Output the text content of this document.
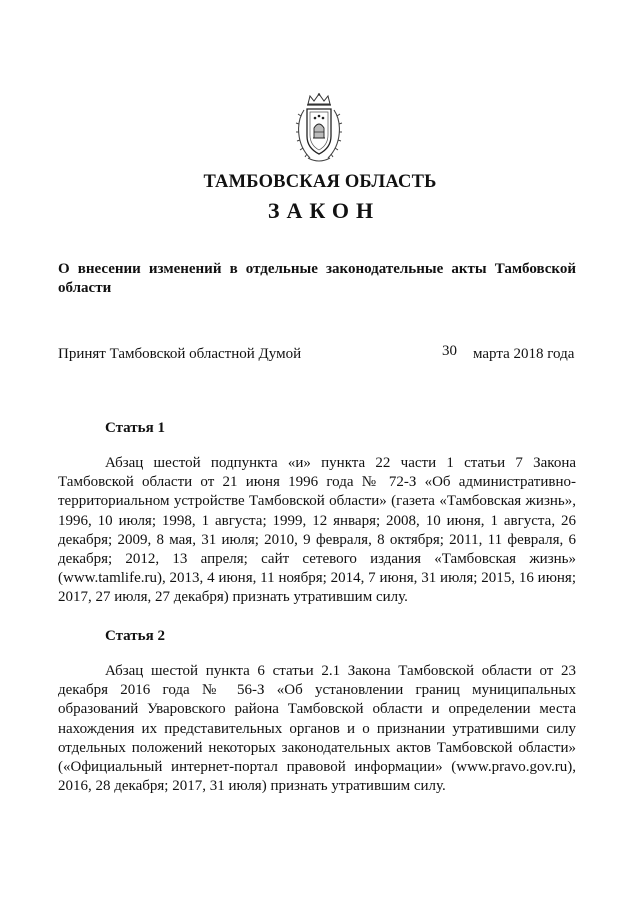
ТАМБОВСКАЯ ОБЛАСТЬ
ЗАКОН
О внесении изменений в отдельные законодательные акты Тамбовской области
Принят Тамбовской областной Думой	30 марта 2018 года
Статья 1

Абзац шестой подпункта «и» пункта 22 части 1 статьи 7 Закона Тамбовской области от 21 июня 1996 года № 72-З «Об административно-территориальном устройстве Тамбовской области» (газета «Тамбовская жизнь», 1996, 10 июля; 1998, 1 августа; 1999, 12 января; 2008, 10 июня, 1 августа, 26 декабря; 2009, 8 мая, 31 июля; 2010, 9 февраля, 8 октября; 2011, 11 февраля, 6 декабря; 2012, 13 апреля; сайт сетевого издания «Тамбовская жизнь» (www.tamlife.ru), 2013, 4 июня, 11 ноября; 2014, 7 июня, 31 июля; 2015, 16 июня; 2017, 27 июля, 27 декабря) признать утратившим силу.

Статья 2

Абзац шестой пункта 6 статьи 2.1 Закона Тамбовской области от 23 декабря 2016 года № 56-З «Об установлении границ муниципальных образований Уваровского района Тамбовской области и определении места нахождения их представительных органов и о признании утратившими силу отдельных положений некоторых законодательных актов Тамбовской области» («Официальный интернет-портал правовой информации» (www.pravo.gov.ru), 2016, 28 декабря; 2017, 31 июля) признать утратившим силу.
